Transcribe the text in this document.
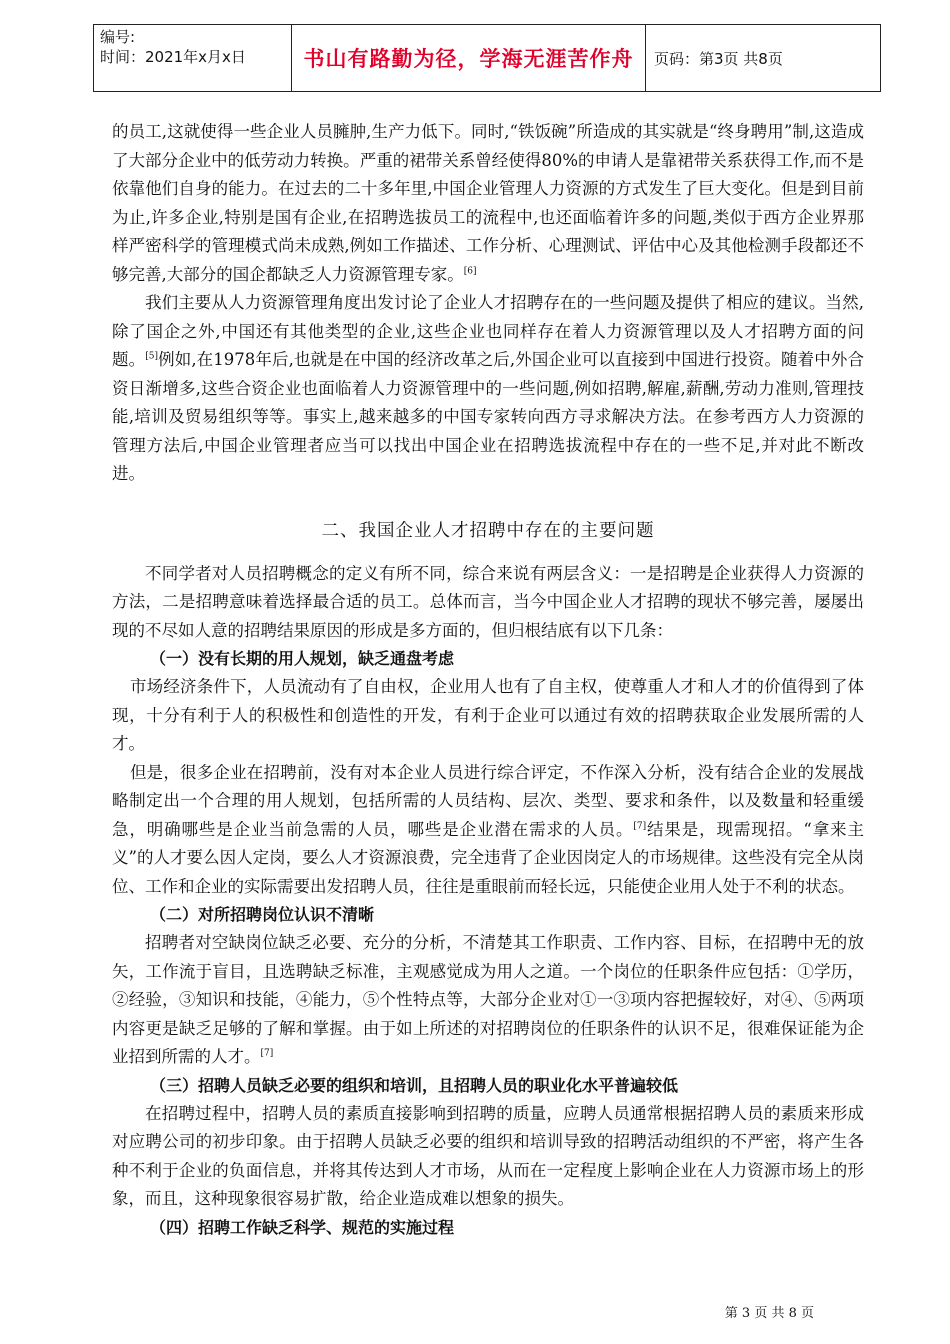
编号:
时间：2021年x月x日	书山有路勤为径，学海无涯苦作舟	页码：第3页 共8页

的员工,这就使得一些企业人员臃肿,生产力低下。同时,“铁饭碗”所造成的其实就是“终身聘用”制,这造成了大部分企业中的低劳动力转换。严重的裙带关系曾经使得80%的申请人是靠裙带关系获得工作,而不是依靠他们自身的能力。在过去的二十多年里,中国企业管理人力资源的方式发生了巨大变化。但是到目前为止,许多企业,特别是国有企业,在招聘选拔员工的流程中,也还面临着许多的问题,类似于西方企业界那样严密科学的管理模式尚未成熟,例如工作描述、工作分析、心理测试、评估中心及其他检测手段都还不够完善,大部分的国企都缺乏人力资源管理专家。[6]

我们主要从人力资源管理角度出发讨论了企业人才招聘存在的一些问题及提供了相应的建议。当然,除了国企之外,中国还有其他类型的企业,这些企业也同样存在着人力资源管理以及人才招聘方面的问题。[5]例如,在1978年后,也就是在中国的经济改革之后,外国企业可以直接到中国进行投资。随着中外合资日渐增多,这些合资企业也面临着人力资源管理中的一些问题,例如招聘,解雇,薪酬,劳动力准则,管理技能,培训及贸易组织等等。事实上,越来越多的中国专家转向西方寻求解决方法。在参考西方人力资源的管理方法后,中国企业管理者应当可以找出中国企业在招聘选拔流程中存在的一些不足,并对此不断改进。

二、我国企业人才招聘中存在的主要问题

不同学者对人员招聘概念的定义有所不同，综合来说有两层含义：一是招聘是企业获得人力资源的方法，二是招聘意味着选择最合适的员工。总体而言，当今中国企业人才招聘的现状不够完善，屡屡出现的不尽如人意的招聘结果原因的形成是多方面的，但归根结底有以下几条：

（一）没有长期的用人规划，缺乏通盘考虑

市场经济条件下，人员流动有了自由权，企业用人也有了自主权，使尊重人才和人才的价值得到了体现，十分有利于人的积极性和创造性的开发，有利于企业可以通过有效的招聘获取企业发展所需的人才。

但是，很多企业在招聘前，没有对本企业人员进行综合评定，不作深入分析，没有结合企业的发展战略制定出一个合理的用人规划，包括所需的人员结构、层次、类型、要求和条件，以及数量和轻重缓急，明确哪些是企业当前急需的人员，哪些是企业潜在需求的人员。[7]结果是，现需现招。“拿来主义”的人才要么因人定岗，要么人才资源浪费，完全违背了企业因岗定人的市场规律。这些没有完全从岗位、工作和企业的实际需要出发招聘人员，往往是重眼前而轻长远，只能使企业用人处于不利的状态。

（二）对所招聘岗位认识不清晰

招聘者对空缺岗位缺乏必要、充分的分析，不清楚其工作职责、工作内容、目标，在招聘中无的放矢，工作流于盲目，且选聘缺乏标准，主观感觉成为用人之道。一个岗位的任职条件应包括：①学历，②经验，③知识和技能，④能力，⑤个性特点等，大部分企业对①一③项内容把握较好，对④、⑤两项内容更是缺乏足够的了解和掌握。由于如上所述的对招聘岗位的任职条件的认识不足，很难保证能为企业招到所需的人才。[7]

（三）招聘人员缺乏必要的组织和培训，且招聘人员的职业化水平普遍较低

在招聘过程中，招聘人员的素质直接影响到招聘的质量，应聘人员通常根据招聘人员的素质来形成对应聘公司的初步印象。由于招聘人员缺乏必要的组织和培训导致的招聘活动组织的不严密，将产生各种不利于企业的负面信息，并将其传达到人才市场，从而在一定程度上影响企业在人力资源市场上的形象，而且，这种现象很容易扩散，给企业造成难以想象的损失。

（四）招聘工作缺乏科学、规范的实施过程
第 3 页 共 8 页
